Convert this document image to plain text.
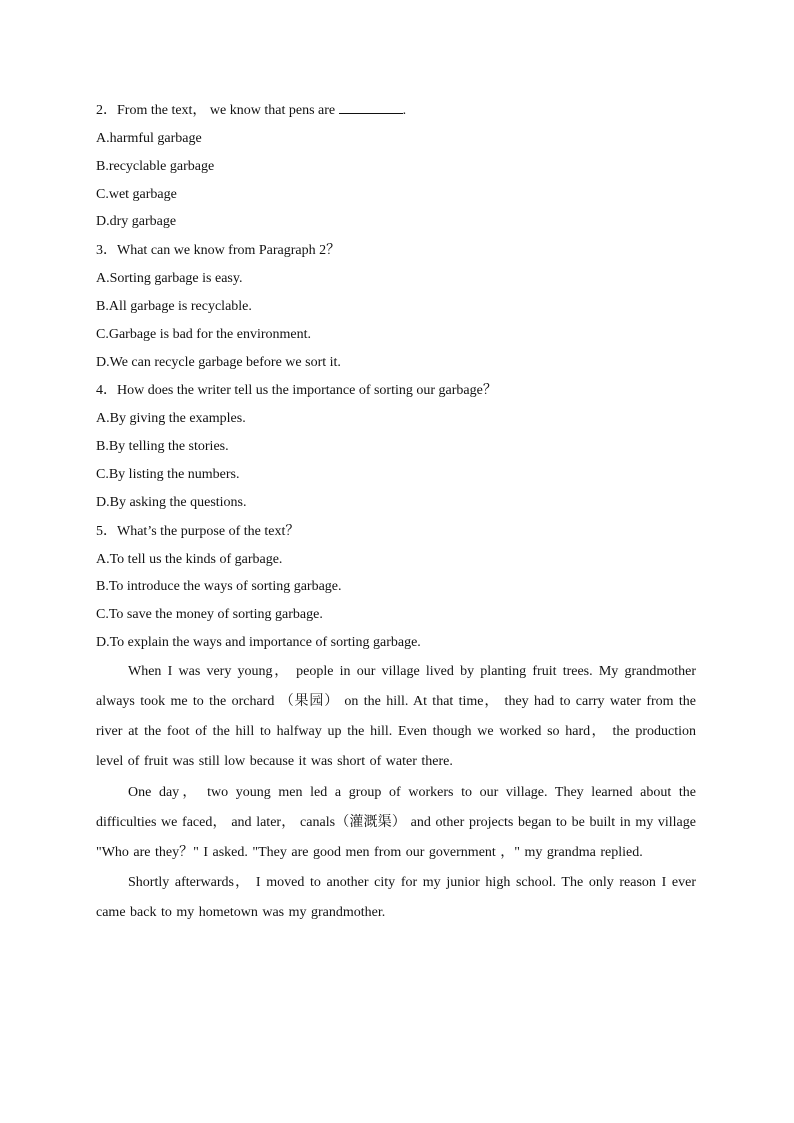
2．From the text， we know that pens are	.
A.harmful garbage
B.recyclable garbage
C.wet garbage
D.dry garbage
3．What can we know from Paragraph 2？
A.Sorting garbage is easy.
B.All garbage is recyclable.
C.Garbage is bad for the environment.
D.We can recycle garbage before we sort it.
4．How does the writer tell us the importance of sorting our garbage？
A.By giving the examples.
B.By telling the stories.
C.By listing the numbers.
D.By asking the questions.
5．What’s the purpose of the text？
A.To tell us the kinds of garbage.
B.To introduce the ways of sorting garbage.
C.To save the money of sorting garbage.
D.To explain the ways and importance of sorting garbage.

When I was very young， people in our village lived by planting fruit trees. My grandmother always took me to the orchard （果园） on the hill. At that time， they had to carry water from the river at the foot of the hill to halfway up the hill. Even though we worked so hard， the production level of fruit was still low because it was short of water there.

One day， two young men led a group of workers to our village. They learned about the difficulties we faced， and later， canals（灌溉渠） and other projects began to be built in my village "Who are they？" I asked. "They are good men from our government ，" my grandma replied.

Shortly afterwards， I moved to another city for my junior high school. The only reason I ever came back to my hometown was my grandmother.
